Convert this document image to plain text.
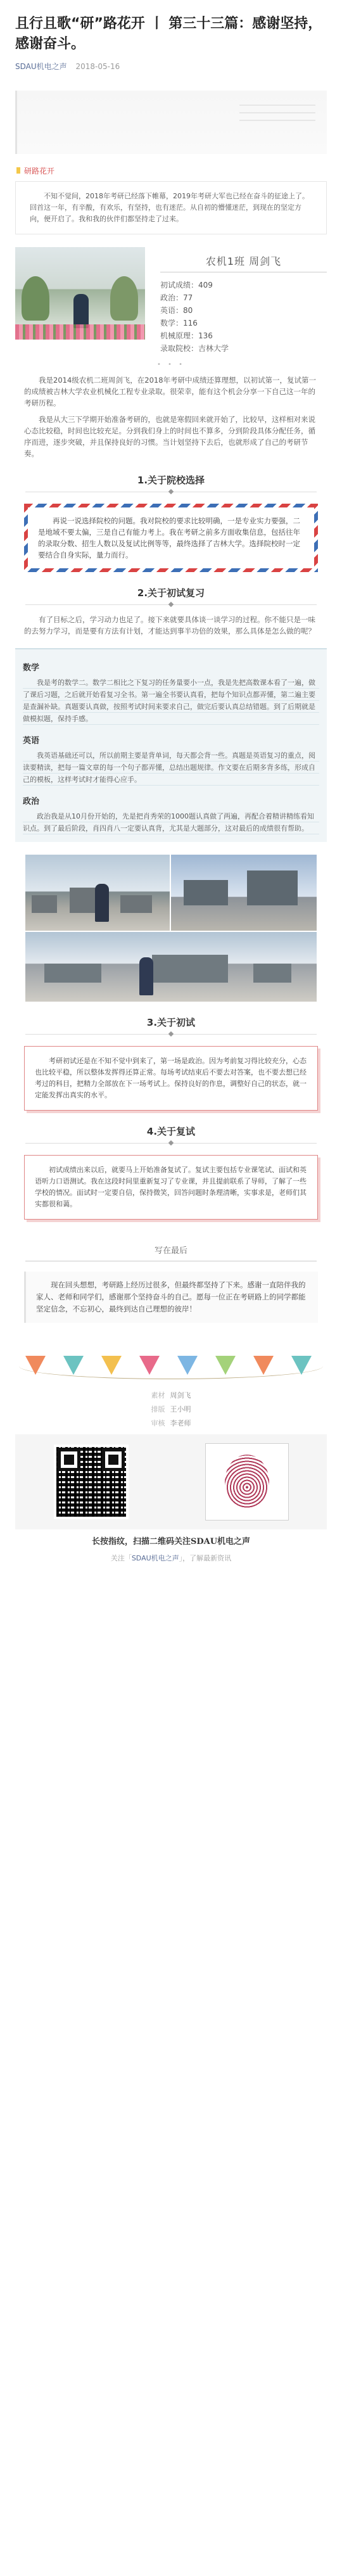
且行且歌“研”路花开 丨 第三十三篇：感谢坚持，感谢奋斗。
SDAU机电之声 2018-05-16
研路花开
不知不觉间，2018年考研已经落下帷幕，2019年考研大军也已经在奋斗的征途上了。回首这一年，有辛酸，有欢乐，有坚持，也有迷茫。从自初的懵懂迷茫，到现在的坚定方向，便开启了。我和我的伙伴们都坚持走了过来。
农机1班 周剑飞
初试成绩：409
政治：77
英语：80
数学：116
机械原理：136
录取院校：吉林大学
• • •

我是2014级农机二班周剑飞，在2018年考研中成绩还算理想，以初试第一，复试第一的成绩被吉林大学农业机械化工程专业录取。很荣幸，能有这个机会分享一下自己这一年的考研历程。

我是从大三下学期开始准备考研的，也就是寒假回来就开始了，比较早，这样相对来说心态比较稳，时间也比较充足。分到我们身上的时间也不算多，分到阶段具体分配任务，循序而进，逐步突破，并且保持良好的习惯。当计划坚持下去后，也就形成了自己的考研节奏。

1.关于院校选择

再说一说选择院校的问题。我对院校的要求比较明确，一是专业实力要强，二是地域不要太偏，三是自己有能力考上。我在考研之前多方面收集信息，包括往年的录取分数、招生人数以及复试比例等等，最终选择了吉林大学。选择院校时一定要结合自身实际，量力而行。

2.关于初试复习

有了目标之后，学习动力也足了。接下来就要具体谈一谈学习的过程。你不能只是一味的去努力学习，而是要有方法有计划，才能达到事半功倍的效果，那么具体是怎么做的呢？

数学
我是考的数学二。数学二相比之下复习的任务量要小一点，我是先把高数课本看了一遍，做了课后习题，之后就开始看复习全书。第一遍全书要认真看，把每个知识点都弄懂，第二遍主要是查漏补缺。真题要认真做，按照考试时间来要求自己，做完后要认真总结错题。到了后期就是做模拟题，保持手感。
英语
我英语基础还可以，所以前期主要是背单词，每天都会背一些。真题是英语复习的重点，阅读要精读，把每一篇文章的每一个句子都弄懂，总结出题规律。作文要在后期多背多练，形成自己的模板，这样考试时才能得心应手。
政治
政治我是从10月份开始的，先是把肖秀荣的1000题认真做了两遍，再配合着精讲精练看知识点。到了最后阶段，肖四肖八一定要认真背，尤其是大题部分，这对最后的成绩很有帮助。

3.关于初试

考研初试还是在不知不觉中到来了，第一场是政治。因为考前复习得比较充分，心态也比较平稳，所以整体发挥得还算正常。每场考试结束后不要去对答案，也不要去想已经考过的科目，把精力全部放在下一场考试上。保持良好的作息，调整好自己的状态，就一定能发挥出真实的水平。

4.关于复试

初试成绩出来以后，就要马上开始准备复试了。复试主要包括专业课笔试、面试和英语听力口语测试。我在这段时间里重新复习了专业课，并且提前联系了导师，了解了一些学校的情况。面试时一定要自信，保持微笑，回答问题时条理清晰，实事求是，老师们其实都很和蔼。
写在最后
现在回头想想，考研路上经历过很多，但最终都坚持了下来。感谢一直陪伴我的家人、老师和同学们，感谢那个坚持奋斗的自己。愿每一位正在考研路上的同学都能坚定信念，不忘初心，最终到达自己理想的彼岸！
素材 周剑飞
排版 王小明
审核 李老师
长按指纹，扫描二维码关注SDAU机电之声
关注「SDAU机电之声」，了解最新资讯
